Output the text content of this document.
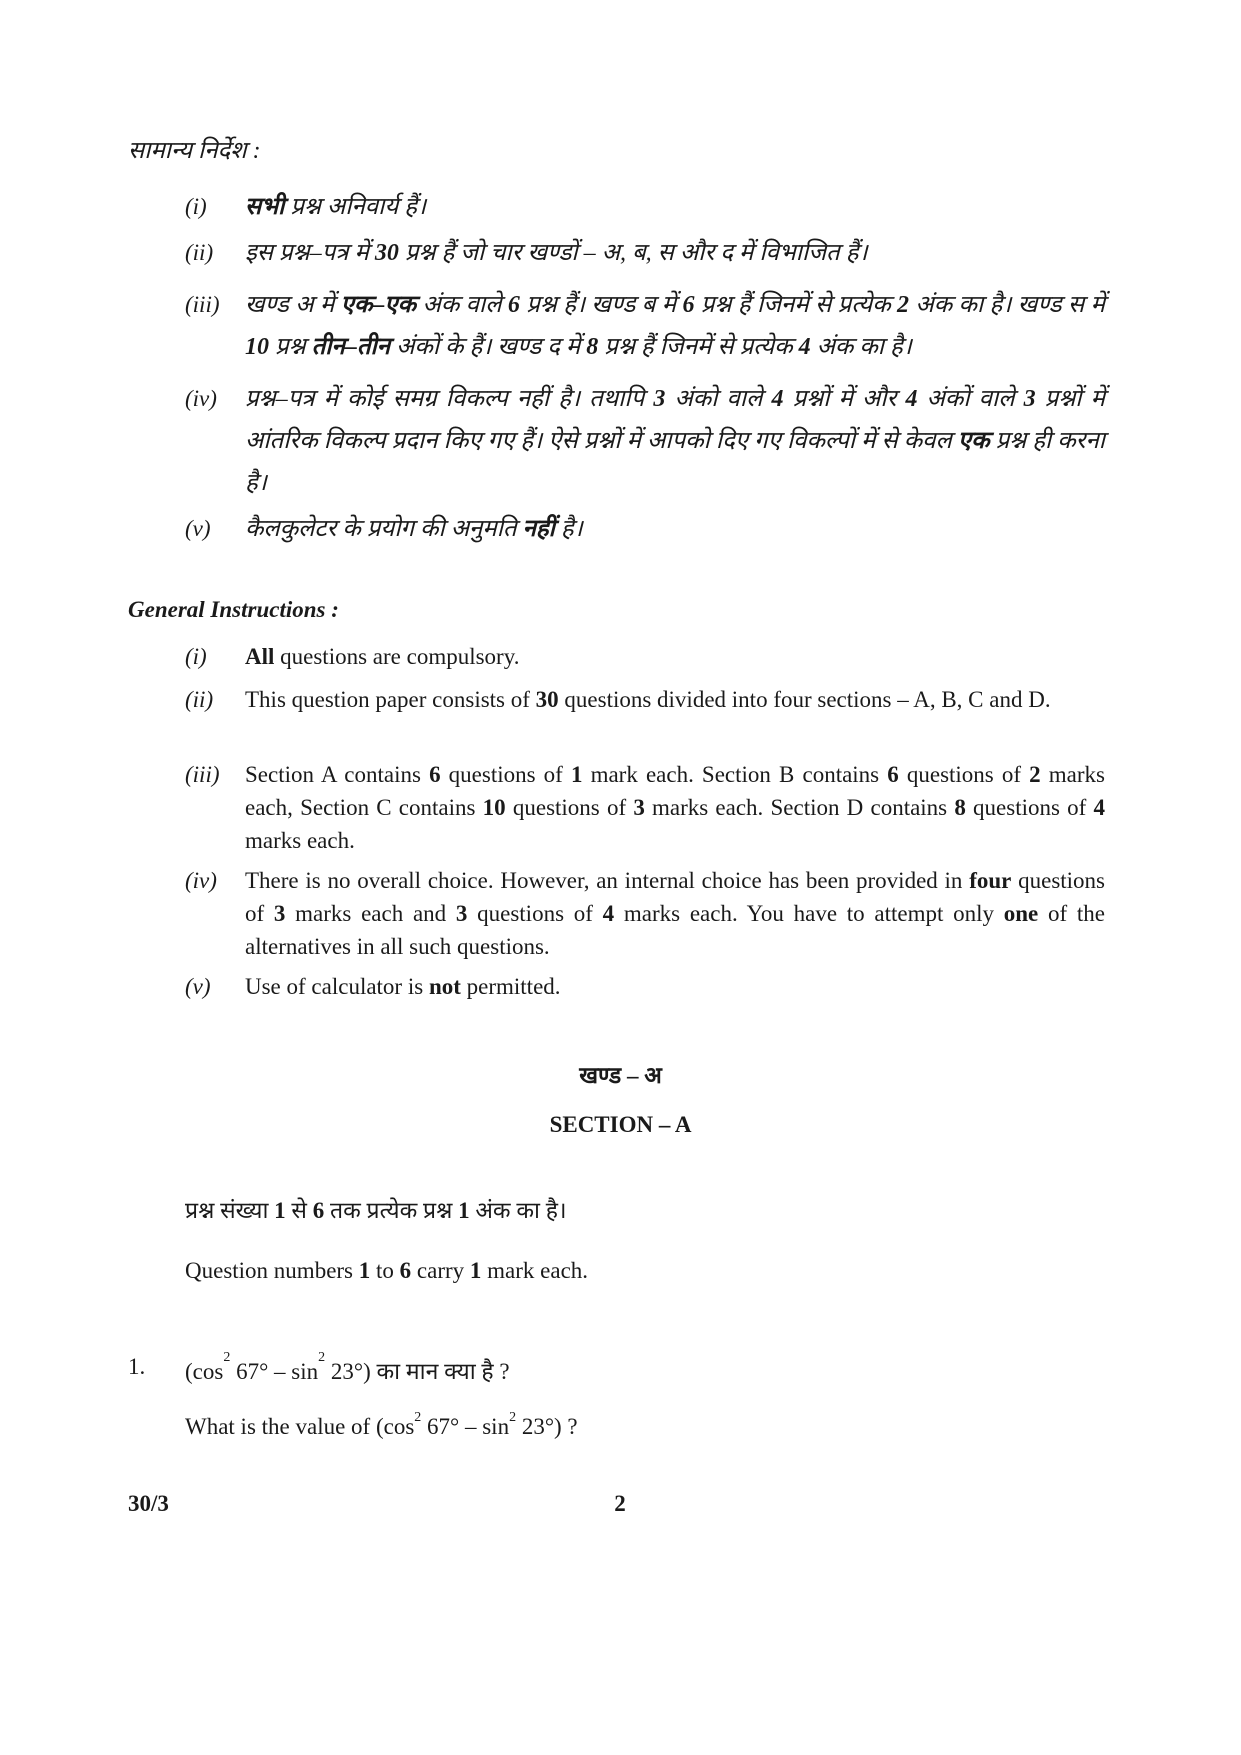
सामान्य निर्देश :
(i)	सभी प्रश्न अनिवार्य हैं।
(ii)	इस प्रश्न–पत्र में 30 प्रश्न हैं जो चार खण्डों – अ, ब, स और द में विभाजित हैं।
(iii)	खण्ड अ में एक–एक अंक वाले 6 प्रश्न हैं। खण्ड ब में 6 प्रश्न हैं जिनमें से प्रत्येक 2 अंक का है। खण्ड स में 10 प्रश्न तीन–तीन अंकों के हैं। खण्ड द में 8 प्रश्न हैं जिनमें से प्रत्येक 4 अंक का है।
(iv)	प्रश्न–पत्र में कोई समग्र विकल्प नहीं है। तथापि 3 अंको वाले 4 प्रश्नों में और 4 अंकों वाले 3 प्रश्नों में आंतरिक विकल्प प्रदान किए गए हैं। ऐसे प्रश्नों में आपको दिए गए विकल्पों में से केवल एक प्रश्न ही करना है।
(v)	कैलकुलेटर के प्रयोग की अनुमति नहीं है।
General Instructions :
(i)	All questions are compulsory.
(ii)	This question paper consists of 30 questions divided into four sections – A, B, C and D.
(iii)	Section A contains 6 questions of 1 mark each. Section B contains 6 questions of 2 marks each, Section C contains 10 questions of 3 marks each. Section D contains 8 questions of 4 marks each.
(iv)	There is no overall choice. However, an internal choice has been provided in four questions of 3 marks each and 3 questions of 4 marks each. You have to attempt only one of the alternatives in all such questions.
(v)	Use of calculator is not permitted.
खण्ड – अ
SECTION – A
प्रश्न संख्या 1 से 6 तक प्रत्येक प्रश्न 1 अंक का है।
Question numbers 1 to 6 carry 1 mark each.
1. ($\cos^2$ $67^\circ - \sin^2 23^\circ$) का मान क्या है ?
What is the value of ($\cos^2$ $67^\circ - \sin^2 23^\circ$) ?
30/3	2
